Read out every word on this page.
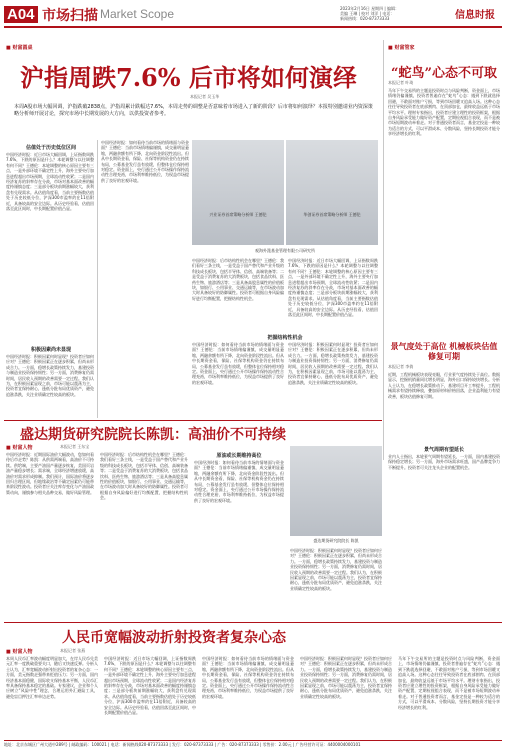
A04 市场扫描 Market Scope	2023年2月16日 星期四 | 编辑：
美编 王琳 | 校对 刘洋 | 电话：
新闻热线：020-87373333	信息时报
■ 财富圆桌
沪指周跌7.6% 后市将如何演绎
本报记者 吴玉华
本周A股市场大幅回调，沪指跌破2838点，沪指周累计跌幅达7.6%，本周走势的调整是否意味着市场进入了新的阶段？后市将如何演绎？本报特别邀请业内资深策略分析师开展讨论，探究市场中长期发展的大方向，以供投资者参考。
估值处于历史低位区间
中国经济时报：近日市场大幅回调，上证指数周跌7.6%，下跌的原因是什么？本轮调整与以往调整有何不同？王德伦：本轮调整的核心原因主要有三点，一是外部环境不确定性上升，海外主要央行加息进程超出市场预期，全球流动性收紧；二是国内经济复苏的斜率存在分歧，市场对基本面改善的幅度持谨慎态度；三是部分板块前期涨幅较大，获利盘有兑现需求。从估值角度看，当前主要指数估值处于历史较低分位，沪深300市盈率约在11倍附近，具备较高的安全边际。从历史经验看，估值回落至此区间时，中长期配置价值凸显。
积极因素尚未显现
中国经济时报：积极因素何时显现？投资者应如何应对？王德伦：积极因素正在逐步积累，但尚未形成合力。一方面，稳增长政策持续发力，基建投资与制造业投资保持韧性；另一方面，消费修复仍需时间，居民收入预期的改善需要一定过程。我们认为，在积极因素显现之前，市场可能以震荡为主，投资者宜保持耐心，逢低分批布局优质资产，避免追涨杀跌，关注业绩确定性较高的板块。
中国经济时报：如何看待当前市场的情绪面与资金面？王德伦：当前市场情绪偏谨慎，成交量明显萎缩，两融余额有所下降，北向资金阶段性流出。但从中长期资金看，保险、社保等机构资金仍在持续布局，公募基金发行虽有放缓，但整体仓位保持相对稳定。资金面上，央行通过公开市场操作保持流动性合理充裕，市场利率维持低位，为权益市场提供了良好的宏观环境。
兴业证券首席策略分析师 王德伦	华创证券首席策略分析师 王德伦
观海外派基金管理有限公司研究所
中国经济时报：后市结构性机会在哪里？王德伦：我们看好三条主线，一是受益于国产替代和产业升级的科技成长板块，包括半导体、信创、高端装备等；二是受益于消费复苏的大消费板块，包括食品饮料、医药生物、旅游酒店等；三是具备高股息属性的价值板块，如银行、公用事业、交通运输等，在市场波动加大时具备较好的防御属性。投资者可根据自身风险偏好进行均衡配置，把握结构性机会。
中国经济时报：近日市场大幅回调，上证指数周跌7.6%，下跌的原因是什么？本轮调整与以往调整有何不同？王德伦：本轮调整的核心原因主要有三点，一是外部环境不确定性上升，海外主要央行加息进程超出市场预期，全球流动性收紧；二是国内经济复苏的斜率存在分歧，市场对基本面改善的幅度持谨慎态度；三是部分板块前期涨幅较大，获利盘有兑现需求。从估值角度看，当前主要指数估值处于历史较低分位，沪深300市盈率约在11倍附近，具备较高的安全边际。从历史经验看，估值回落至此区间时，中长期配置价值凸显。
把握结构性机会
中国经济时报：如何看待当前市场的情绪面与资金面？王德伦：当前市场情绪偏谨慎，成交量明显萎缩，两融余额有所下降，北向资金阶段性流出。但从中长期资金看，保险、社保等机构资金仍在持续布局，公募基金发行虽有放缓，但整体仓位保持相对稳定。资金面上，央行通过公开市场操作保持流动性合理充裕，市场利率维持低位，为权益市场提供了良好的宏观环境。
中国经济时报：积极因素何时显现？投资者应如何应对？王德伦：积极因素正在逐步积累，但尚未形成合力。一方面，稳增长政策持续发力，基建投资与制造业投资保持韧性；另一方面，消费修复仍需时间，居民收入预期的改善需要一定过程。我们认为，在积极因素显现之前，市场可能以震荡为主，投资者宜保持耐心，逢低分批布局优质资产，避免追涨杀跌，关注业绩确定性较高的板块。
■ 财富管家
“蛇鸟”心态不可取
本报记者 叶琦
马年下午交易所的主题是投资时点与风险判断，资金面上，市场情绪仍偏谨慎，投资者普遍存在“蛇鸟”心态：遇到下跌就选择回避，不敢面对账户亏损，等到市场回暖又追高入场。这种心态往往导致投资者在底部割肉、在顶部加仓，最终收益远低于市场平均水平。理财专家指出，投资者应建立理性的投资框架，根据自身风险承受能力做好资产配置，定期检视组合表现，而不是被市场短期波动牵着走。对于普通投资者而言，基金定投是一种较为适合的方式，可以平滑成本、分散风险，坚持长期投资才能分享经济增长的红利。
景气度处于高位 机械板块估值修复可期
本报记者 李倩
近期，工程机械板块表现亮眼，行业景气度持续处于高位。数据显示，挖掘机销量同比增长明显，海外出口保持较快增长。分析人士认为，在稳增长政策推动下，基建项目开工率提升，工程机械需求有望持续释放，叠加原材料价格回落，企业盈利能力有望改善，板块估值修复可期。
景气周期有望延长
盛达期货研究院院长陈凯：高油价不可持续
■ 财富人物	本报记者 王东宝
中国经济时报：近期国际油价大幅波动，您如何看待后市走势？陈凯：从供需两端看，高油价不可持续。供给端，主要产油国产量逐步恢复，美国页岩油产量稳步增长；需求端，全球经济增速放缓，高油价对需求形成抑制。我们预计，国际油价将逐步回归合理区间，但地缘政治等不确定因素仍可能带来阶段性波动。投资者应关注库存变化与产油国政策动向，谨慎参与相关品种交易，做好风险管理。
中国经济时报：后市结构性机会在哪里？王德伦：我们看好三条主线，一是受益于国产替代和产业升级的科技成长板块，包括半导体、信创、高端装备等；二是受益于消费复苏的大消费板块，包括食品饮料、医药生物、旅游酒店等；三是具备高股息属性的价值板块，如银行、公用事业、交通运输等，在市场波动加大时具备较好的防御属性。投资者可根据自身风险偏好进行均衡配置，把握结构性机会。
原油或长期维持高位
中国经济时报：如何看待当前市场的情绪面与资金面？王德伦：当前市场情绪偏谨慎，成交量明显萎缩，两融余额有所下降，北向资金阶段性流出。但从中长期资金看，保险、社保等机构资金仍在持续布局，公募基金发行虽有放缓，但整体仓位保持相对稳定。资金面上，央行通过公开市场操作保持流动性合理充裕，市场利率维持低位，为权益市场提供了良好的宏观环境。
盛达期货研究院院长 陈凯
中国经济时报：积极因素何时显现？投资者应如何应对？王德伦：积极因素正在逐步积累，但尚未形成合力。一方面，稳增长政策持续发力，基建投资与制造业投资保持韧性；另一方面，消费修复仍需时间，居民收入预期的改善需要一定过程。我们认为，在积极因素显现之前，市场可能以震荡为主，投资者宜保持耐心，逢低分批布局优质资产，避免追涨杀跌，关注业绩确定性较高的板块。
业内人士指出，本轮景气周期有望延长，一方面，国内基建投资保持稳定增长；另一方面，海外市场需求旺盛，国产品牌竞争力不断提升。投资者可关注龙头企业的配置机会。
人民币宽幅波动折射投资者复杂心态
■ 财富人物	本报记者 张燕
本周人民币汇率波动幅度明显加大，在岸人民币兑美元汇率一度跌破重要关口，随后又快速反弹。分析人士认为，汇率宽幅波动折射出投资者的复杂心态：一方面，美元指数走强带来贬值压力；另一方面，国内经济基本面稳健，国际收支保持基本平衡，人民币汇率具备保持基本稳定的基础。专家建议，企业和个人应树立“风险中性”理念，合理运用外汇避险工具，避免盲目押注汇率单边走势。
中国经济时报：近日市场大幅回调，上证指数周跌7.6%，下跌的原因是什么？本轮调整与以往调整有何不同？王德伦：本轮调整的核心原因主要有三点，一是外部环境不确定性上升，海外主要央行加息进程超出市场预期，全球流动性收紧；二是国内经济复苏的斜率存在分歧，市场对基本面改善的幅度持谨慎态度；三是部分板块前期涨幅较大，获利盘有兑现需求。从估值角度看，当前主要指数估值处于历史较低分位，沪深300市盈率约在11倍附近，具备较高的安全边际。从历史经验看，估值回落至此区间时，中长期配置价值凸显。
中国经济时报：如何看待当前市场的情绪面与资金面？王德伦：当前市场情绪偏谨慎，成交量明显萎缩，两融余额有所下降，北向资金阶段性流出。但从中长期资金看，保险、社保等机构资金仍在持续布局，公募基金发行虽有放缓，但整体仓位保持相对稳定。资金面上，央行通过公开市场操作保持流动性合理充裕，市场利率维持低位，为权益市场提供了良好的宏观环境。
中国经济时报：积极因素何时显现？投资者应如何应对？王德伦：积极因素正在逐步积累，但尚未形成合力。一方面，稳增长政策持续发力，基建投资与制造业投资保持韧性；另一方面，消费修复仍需时间，居民收入预期的改善需要一定过程。我们认为，在积极因素显现之前，市场可能以震荡为主，投资者宜保持耐心，逢低分批布局优质资产，避免追涨杀跌，关注业绩确定性较高的板块。
马年下午交易所的主题是投资时点与风险判断，资金面上，市场情绪仍偏谨慎，投资者普遍存在“蛇鸟”心态：遇到下跌就选择回避，不敢面对账户亏损，等到市场回暖又追高入场。这种心态往往导致投资者在底部割肉、在顶部加仓，最终收益远低于市场平均水平。理财专家指出，投资者应建立理性的投资框架，根据自身风险承受能力做好资产配置，定期检视组合表现，而不是被市场短期波动牵着走。对于普通投资者而言，基金定投是一种较为适合的方式，可以平滑成本、分散风险，坚持长期投资才能分享经济增长的红利。
地址：北京东城区广州大道中289号 | 邮政编码：100021 | 电话：新闻热线020-87373333 | 发行：020-87373333 | 广告：020-87373333 | 零售价：2.00元 | 广告经营许可证：4400004000101
